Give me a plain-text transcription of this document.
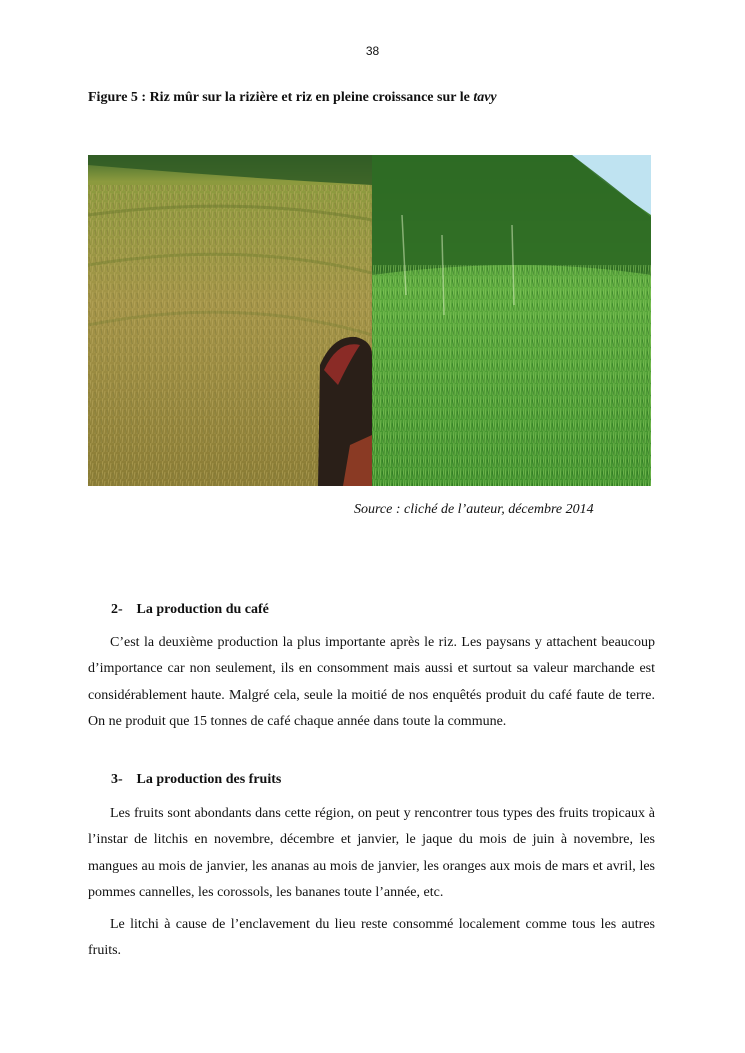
38
Figure 5 : Riz mûr sur la rizière et riz en pleine croissance sur le tavy
Source : cliché de l’auteur, décembre 2014
2- La production du café

C’est la deuxième production la plus importante après le riz. Les paysans y attachent beaucoup d’importance car non seulement, ils en consomment mais aussi et surtout sa valeur marchande est considérablement haute. Malgré cela, seule la moitié de nos enquêtés produit du café faute de terre. On ne produit que 15 tonnes de café chaque année dans toute la commune.

3- La production des fruits

Les fruits sont abondants dans cette région, on peut y rencontrer tous types des fruits tropicaux à l’instar de litchis en novembre, décembre et janvier, le jaque du mois de juin à novembre, les mangues au mois de janvier, les ananas au mois de janvier, les oranges aux mois de mars et avril, les pommes cannelles, les corossols, les bananes toute l’année, etc.

Le litchi à cause de l’enclavement du lieu reste consommé localement comme tous les autres fruits.
